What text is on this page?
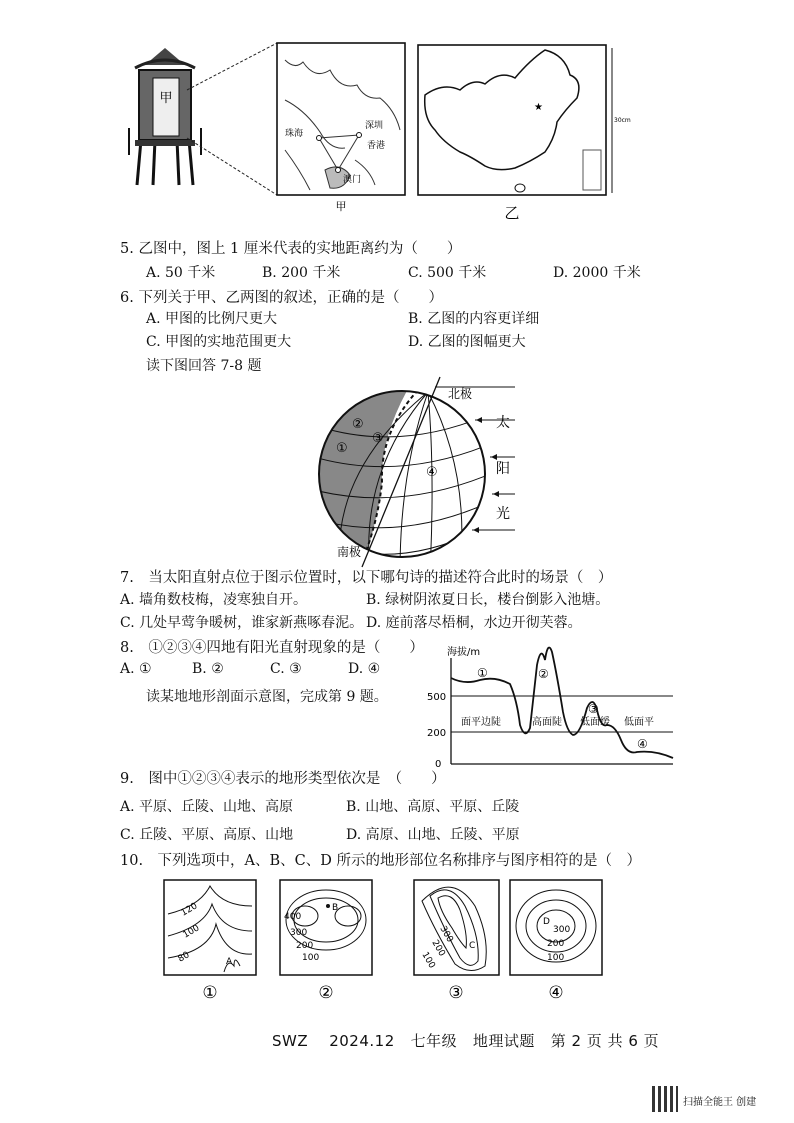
甲
珠海
深圳
香港
澳门
甲
★
30cm
乙
5. 乙图中，图上 1 厘米代表的实地距离约为（　　）
A. 50 千米	B. 200 千米	C. 500 千米	D. 2000 千米
6. 下列关于甲、乙两图的叙述，正确的是（　　）
A. 甲图的比例尺更大	B. 乙图的内容更详细
C. 甲图的实地范围更大	D. 乙图的图幅更大
读下图回答 7-8 题
北极
南极
太
阳
光
①
②
③
④
7.　当太阳直射点位于图示位置时，以下哪句诗的描述符合此时的场景（　）
A. 墙角数枝梅，凌寒独自开。	B. 绿树阴浓夏日长，楼台倒影入池塘。
C. 几处早莺争暖树，谁家新燕啄春泥。 D. 庭前落尽梧桐，水边开彻芙蓉。
8.　①②③④四地有阳光直射现象的是（　　）
A. ①	B. ②	C. ③	D. ④
读某地地形剖面示意图，完成第 9 题。
海拔/m
500
200
0
①	②
③
④
面平边陡	高面陡 低面缓 低面平
9.　图中①②③④表示的地形类型依次是　（　　）
A. 平原、丘陵、山地、高原	B. 山地、高原、平原、丘陵
C. 丘陵、平原、高原、山地	D. 高原、山地、丘陵、平原
10.　下列选项中，A、B、C、D 所示的地形部位名称排序与图序相符的是（　）
120
100
80	A
①
400
300
200
100
B
②
300
200
100
C
③
300
200
100
D
④
SWZ 2024.12 七年级 地理试题 第 2 页 共 6 页
扫描全能王 创建
